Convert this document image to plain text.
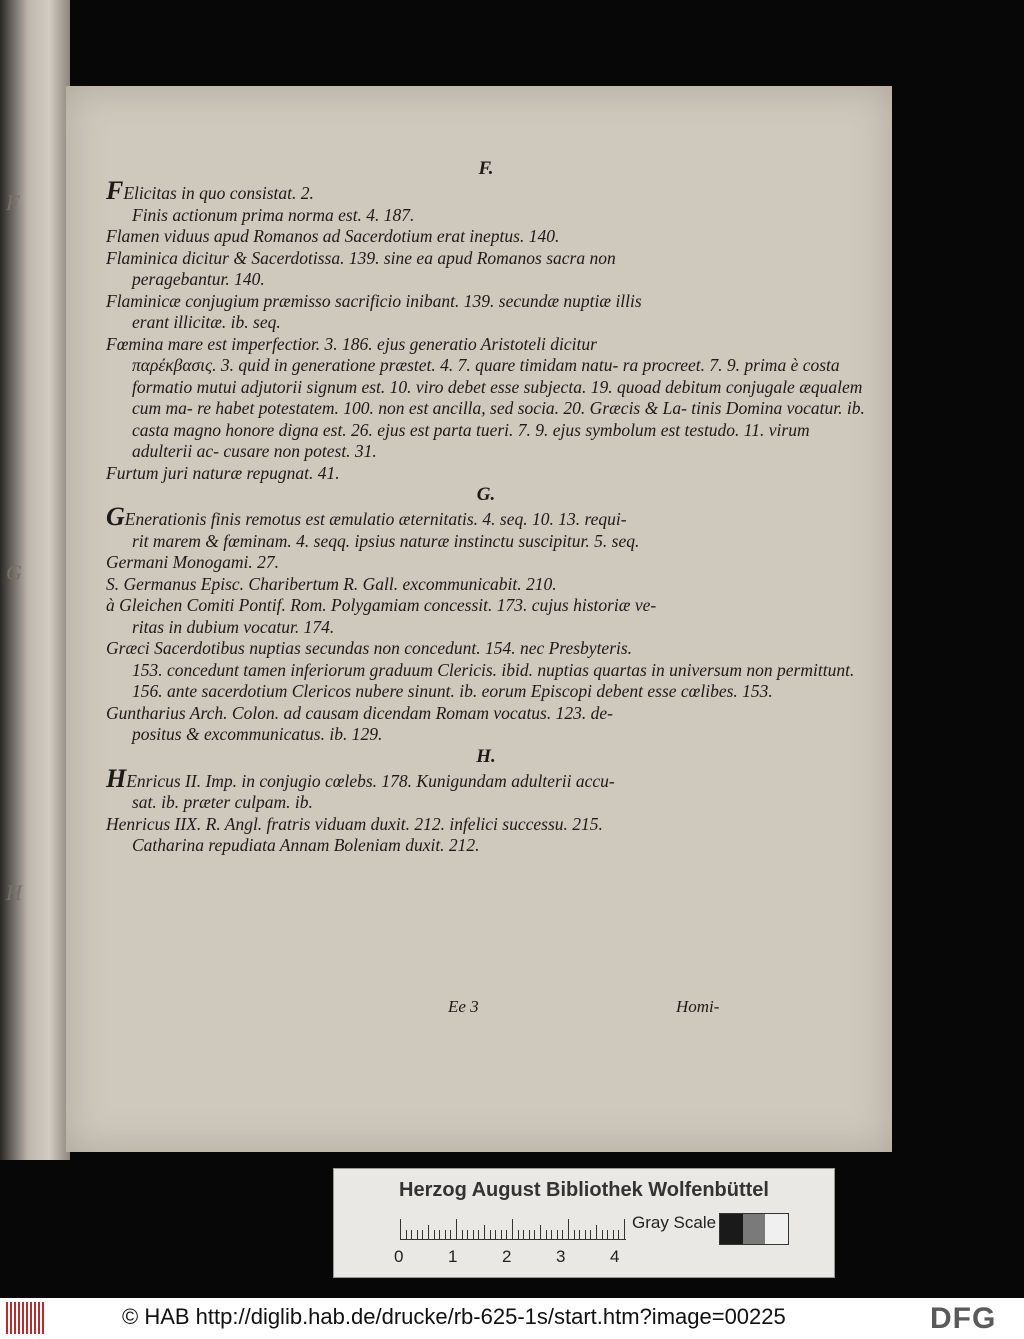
F
G
H
F.
FElicitas in quo consistat. 2.
Finis actionum prima norma est. 4. 187.
Flamen viduus apud Romanos ad Sacerdotium erat ineptus. 140.
Flaminica dicitur & Sacerdotissa. 139. sine ea apud Romanos sacra non
peragebantur. 140.
Flaminicæ conjugium præmisso sacrificio inibant. 139. secundæ nuptiæ illis
erant illicitæ. ib. seq.
Fœmina mare est imperfectior. 3. 186. ejus generatio Aristoteli dicitur
παρέκβασις. 3. quid in generatione præstet. 4. 7. quare timidam natu- ra procreet. 7. 9. prima è costa formatio mutui adjutorii signum est. 10. viro debet esse subjecta. 19. quoad debitum conjugale æqualem cum ma- re habet potestatem. 100. non est ancilla, sed socia. 20. Græcis & La- tinis Domina vocatur. ib. casta magno honore digna est. 26. ejus est parta tueri. 7. 9. ejus symbolum est testudo. 11. virum adulterii ac- cusare non potest. 31.
Furtum juri naturæ repugnat. 41.
G.
GEnerationis finis remotus est æmulatio æternitatis. 4. seq. 10. 13. requi-
rit marem & fœminam. 4. seqq. ipsius naturæ instinctu suscipitur. 5. seq.
Germani Monogami. 27.
S. Germanus Episc. Charibertum R. Gall. excommunicabit. 210.
à Gleichen Comiti Pontif. Rom. Polygamiam concessit. 173. cujus historiæ ve-
ritas in dubium vocatur. 174.
Græci Sacerdotibus nuptias secundas non concedunt. 154. nec Presbyteris.
153. concedunt tamen inferiorum graduum Clericis. ibid. nuptias quartas in universum non permittunt. 156. ante sacerdotium Clericos nubere sinunt. ib. eorum Episcopi debent esse cœlibes. 153.
Guntharius Arch. Colon. ad causam dicendam Romam vocatus. 123. de-
positus & excommunicatus. ib. 129.
H.
HEnricus II. Imp. in conjugio cœlebs. 178. Kunigundam adulterii accu-
sat. ib. præter culpam. ib.
Henricus IIX. R. Angl. fratris viduam duxit. 212. infelici successu. 215.
Catharina repudiata Annam Boleniam duxit. 212.
Ee 3	Homi-
Herzog August Bibliothek Wolfenbüttel
0	1	2	3	4
Gray Scale
© HAB http://diglib.hab.de/drucke/rb-625-1s/start.htm?image=00225	DFG
